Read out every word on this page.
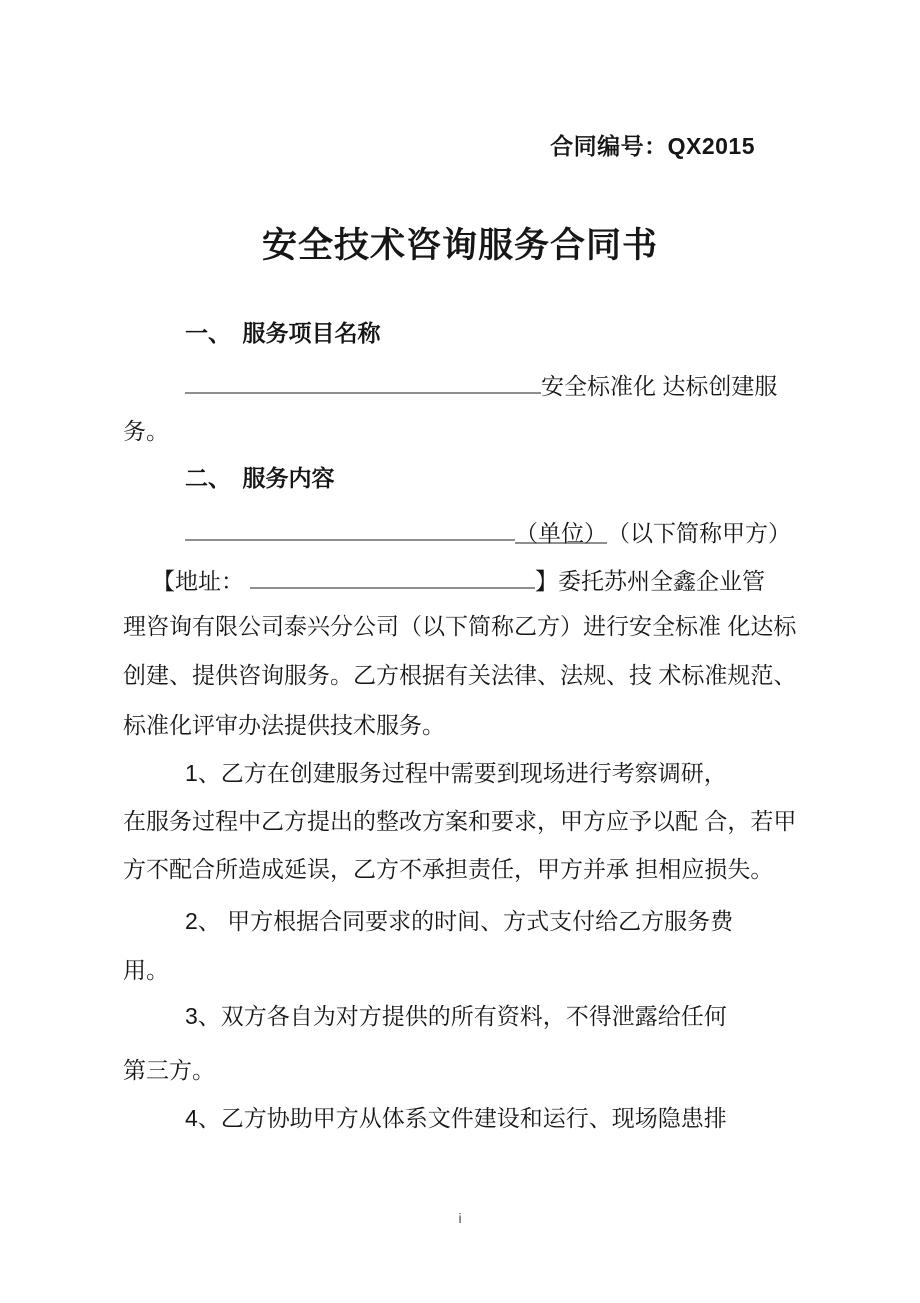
合同编号：QX2015
安全技术咨询服务合同书
一、　服务项目名称
安全标准化 达标创建服
务。
二、　服务内容
（单位）（以下简称甲方）
【地址：	】委托苏州全鑫企业管
理咨询有限公司泰兴分公司（以下简称乙方）进行安全标准 化达标
创建、提供咨询服务。乙方根据有关法律、法规、技 术标准规范、
标准化评审办法提供技术服务。
1、乙方在创建服务过程中需要到现场进行考察调研，
在服务过程中乙方提出的整改方案和要求，甲方应予以配 合，若甲
方不配合所造成延误，乙方不承担责任，甲方并承 担相应损失。
2、 甲方根据合同要求的时间、方式支付给乙方服务费
用。
3、双方各自为对方提供的所有资料，不得泄露给任何
第三方。
4、乙方协助甲方从体系文件建设和运行、现场隐患排
i
